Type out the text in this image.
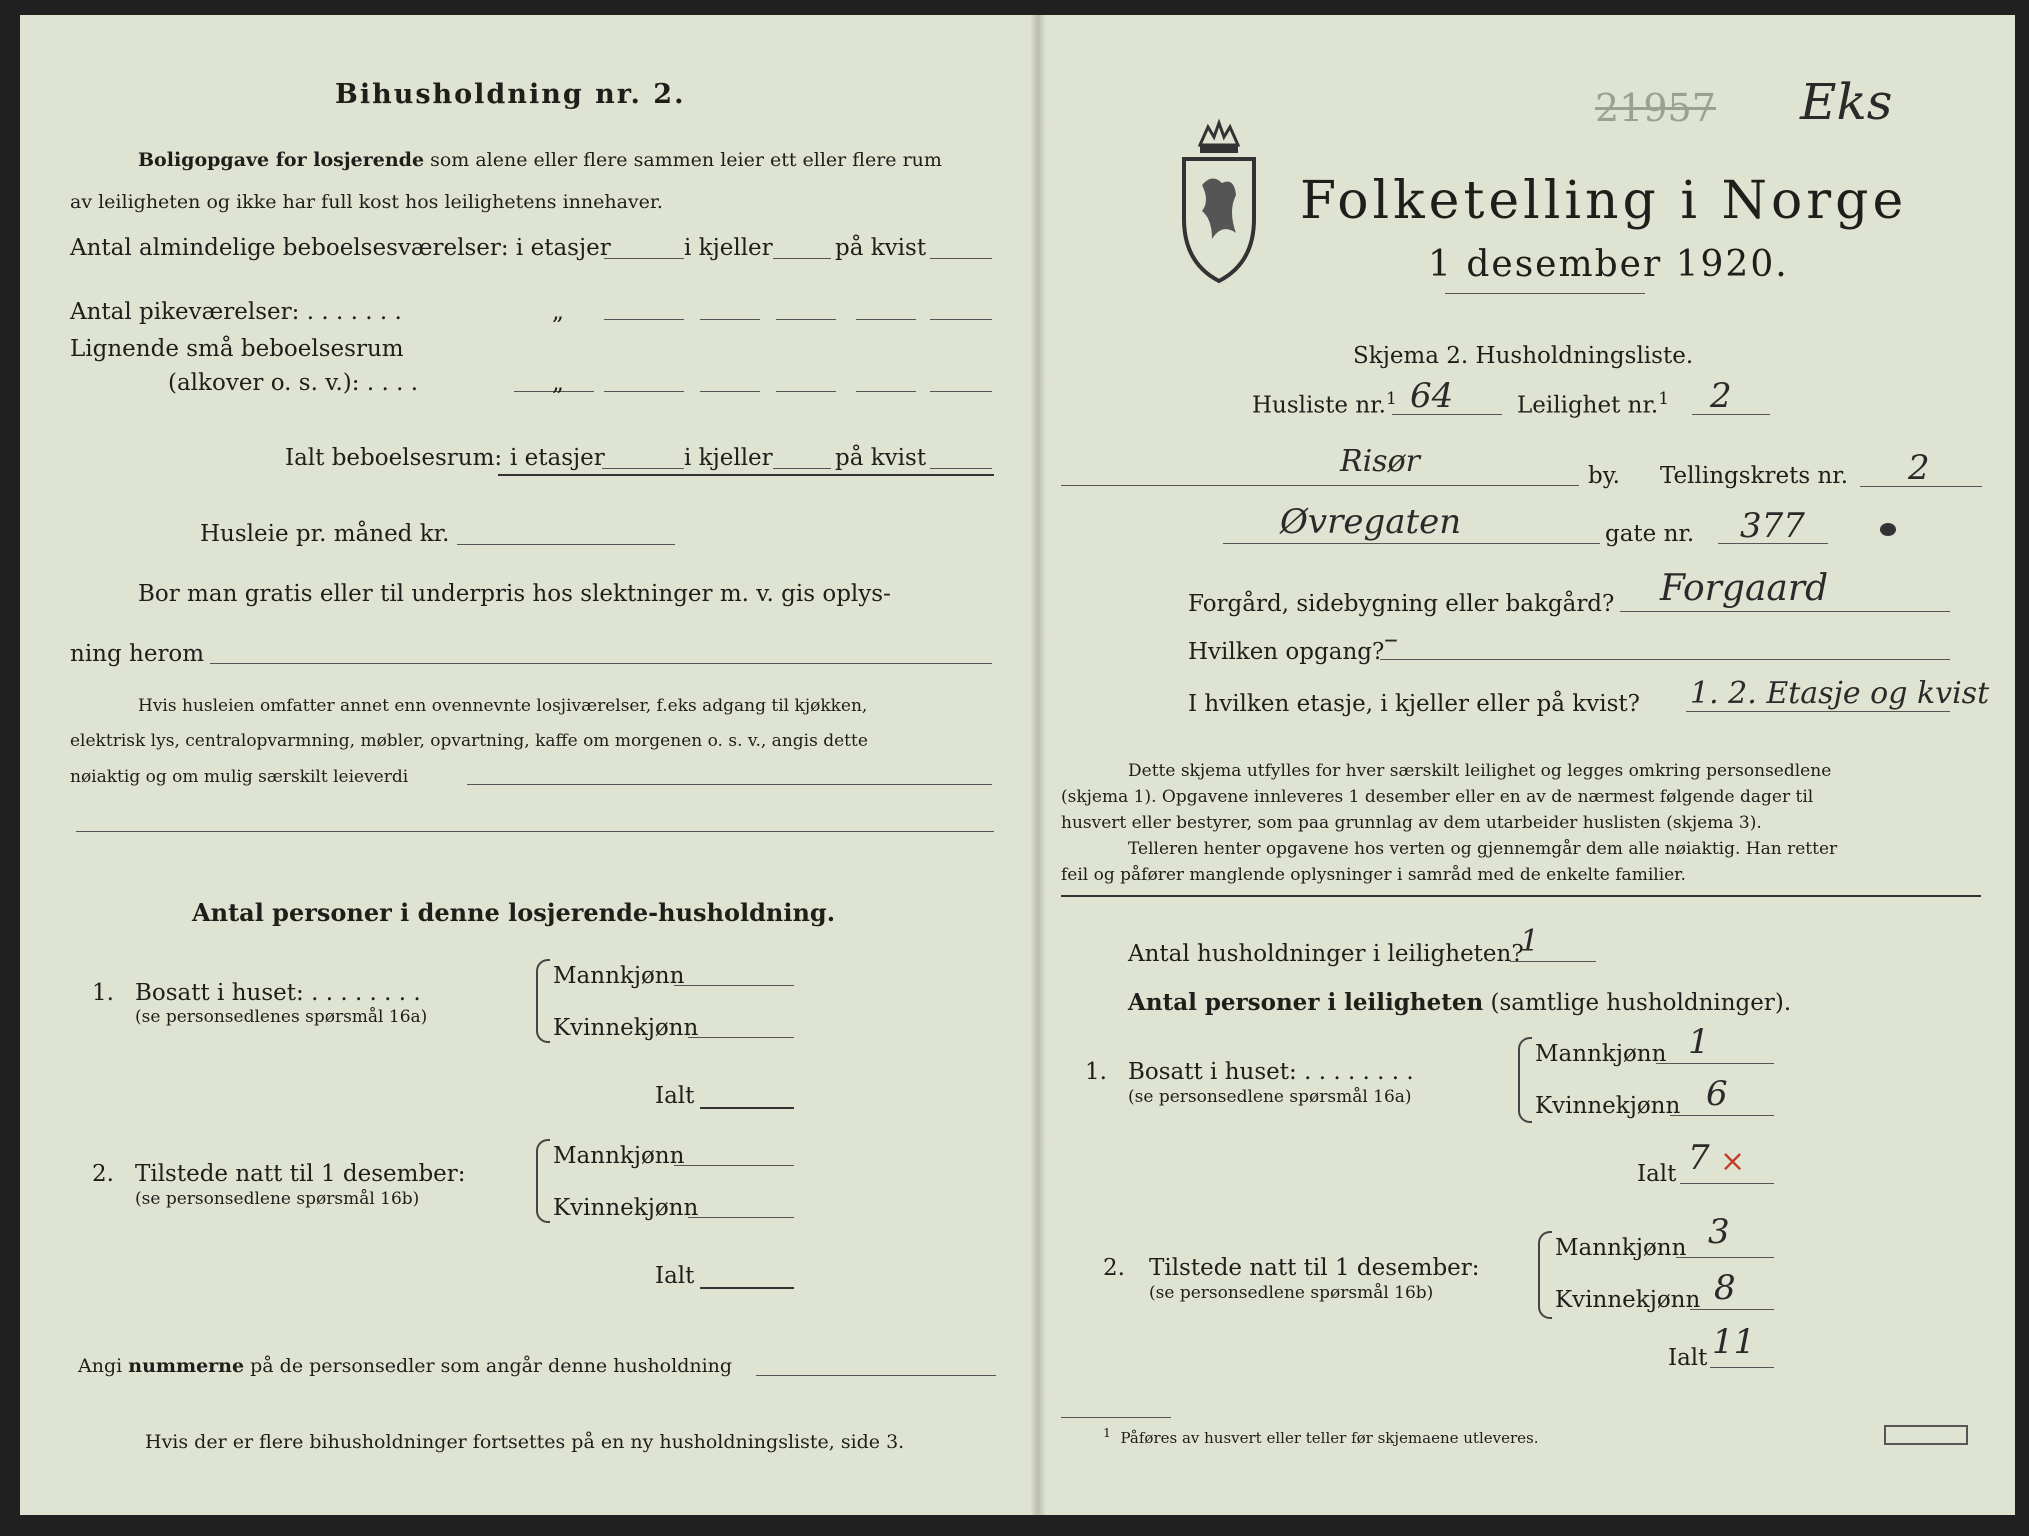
Bihusholdning nr. 2.
Boligopgave for losjerende som alene eller flere sammen leier ett eller flere rum
av leiligheten og ikke har full kost hos leilighetens innehaver.
Antal almindelige beboelsesværelser: i etasjer	i kjeller	på kvist
Antal pikeværelser: . . . . . . .	„
Lignende små beboelsesrum
(alkover o. s. v.): . . . .	„
Ialt beboelsesrum: i etasjer	i kjeller	på kvist
Husleie pr. måned kr.
Bor man gratis eller til underpris hos slektninger m. v. gis oplys-
ning herom
Hvis husleien omfatter annet enn ovennevnte losjiværelser, f.eks adgang til kjøkken,
elektrisk lys, centralopvarmning, møbler, opvartning, kaffe om morgenen o. s. v., angis dette
nøiaktig og om mulig særskilt leieverdi
Antal personer i denne losjerende-husholdning.
1. Bosatt i huset: . . . . . . . .
(se personsedlenes spørsmål 16a)
Mannkjønn
Kvinnekjønn
Ialt
2. Tilstede natt til 1 desember:
(se personsedlene spørsmål 16b)
Mannkjønn
Kvinnekjønn
Ialt
Angi nummerne på de personsedler som angår denne husholdning
Hvis der er flere bihusholdninger fortsettes på en ny husholdningsliste, side 3.
21957 Eks
Folketelling i Norge
1 desember 1920.
Skjema 2. Husholdningsliste.
Husliste nr.$^1$ 64	Leilighet nr.$^1$ 2
Risør	by. Tellingskrets nr. 2
Øvregaten	gate nr. 377
Forgård, sidebygning eller bakgård? Forgaard
Hvilken opgang? –
I hvilken etasje, i kjeller eller på kvist? 1. 2. Etasje og kvist
Dette skjema utfylles for hver særskilt leilighet og legges omkring personsedlene
(skjema 1). Opgavene innleveres 1 desember eller en av de nærmest følgende dager til
husvert eller bestyrer, som paa grunnlag av dem utarbeider huslisten (skjema 3).
Telleren henter opgavene hos verten og gjennemgår dem alle nøiaktig. Han retter
feil og påfører manglende oplysninger i samråd med de enkelte familier.
Antal husholdninger i leiligheten?
1
Antal personer i leiligheten (samtlige husholdninger).
1. Bosatt i huset: . . . . . . . .
(se personsedlene spørsmål 16a)
Mannkjønn 1
Kvinnekjønn 6
Ialt 7 ×
2. Tilstede natt til 1 desember:
(se personsedlene spørsmål 16b)
Mannkjønn 3
Kvinnekjønn 8
Ialt 11
$^1$ Påføres av husvert eller teller før skjemaene utleveres.
